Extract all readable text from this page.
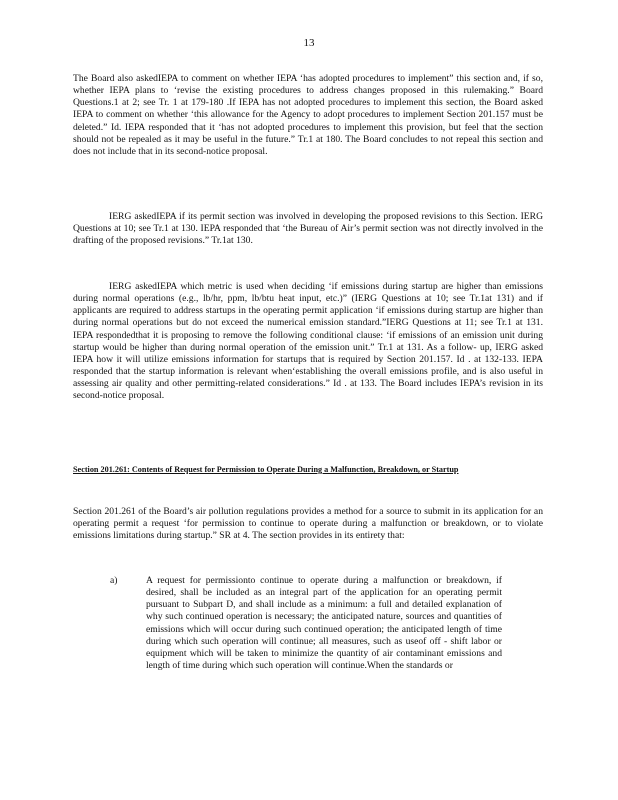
13

The Board also askedIEPA to comment on whether IEPA ‘has adopted procedures to implement” this section and, if so, whether IEPA plans to ‘revise the existing procedures to address changes proposed in this rulemaking.” Board Questions.1 at 2; see Tr. 1 at 179-180 .If IEPA has not adopted procedures to implement this section, the Board asked IEPA to comment on whether ‘this allowance for the Agency to adopt procedures to implement Section 201.157 must be deleted.” Id. IEPA responded that it ‘has not adopted procedures to implement this provision, but feel that the section should not be repealed as it may be useful in the future.” Tr.1 at 180. The Board concludes to not repeal this section and does not include that in its second-notice proposal.

IERG askedIEPA if its permit section was involved in developing the proposed revisions to this Section. IERG Questions at 10; see Tr.1 at 130. IEPA responded that ‘the Bureau of Air’s permit section was not directly involved in the drafting of the proposed revisions.” Tr.1at 130.

IERG askedIEPA which metric is used when deciding ‘if emissions during startup are higher than emissions during normal operations (e.g., lb/hr, ppm, lb/btu heat input, etc.)” (IERG Questions at 10; see Tr.1at 131) and if applicants are required to address startups in the operating permit application ‘if emissions during startup are higher than during normal operations but do not exceed the numerical emission standard.”IERG Questions at 11; see Tr.1 at 131. IEPA respondedthat it is proposing to remove the following conditional clause: ‘if emissions of an emission unit during startup would be higher than during normal operation of the emission unit.” Tr.1 at 131. As a follow- up, IERG asked IEPA how it will utilize emissions information for startups that is required by Section 201.157. Id . at 132-133. IEPA responded that the startup information is relevant when‘establishing the overall emissions profile, and is also useful in assessing air quality and other permitting-related considerations.” Id . at 133. The Board includes IEPA’s revision in its second-notice proposal.

Section 201.261: Contents of Request for Permission to Operate During a Malfunction, Breakdown, or Startup

Section 201.261 of the Board’s air pollution regulations provides a method for a source to submit in its application for an operating permit a request ‘for permission to continue to operate during a malfunction or breakdown, or to violate emissions limitations during startup.” SR at 4. The section provides in its entirety that:

a)	A request for permissionto continue to operate during a malfunction or breakdown, if desired, shall be included as an integral part of the application for an operating permit pursuant to Subpart D, and shall include as a minimum: a full and detailed explanation of why such continued operation is necessary; the anticipated nature, sources and quantities of emissions which will occur during such continued operation; the anticipated length of time during which such operation will continue; all measures, such as useof off - shift labor or equipment which will be taken to minimize the quantity of air contaminant emissions and length of time during which such operation will continue.When the standards or
